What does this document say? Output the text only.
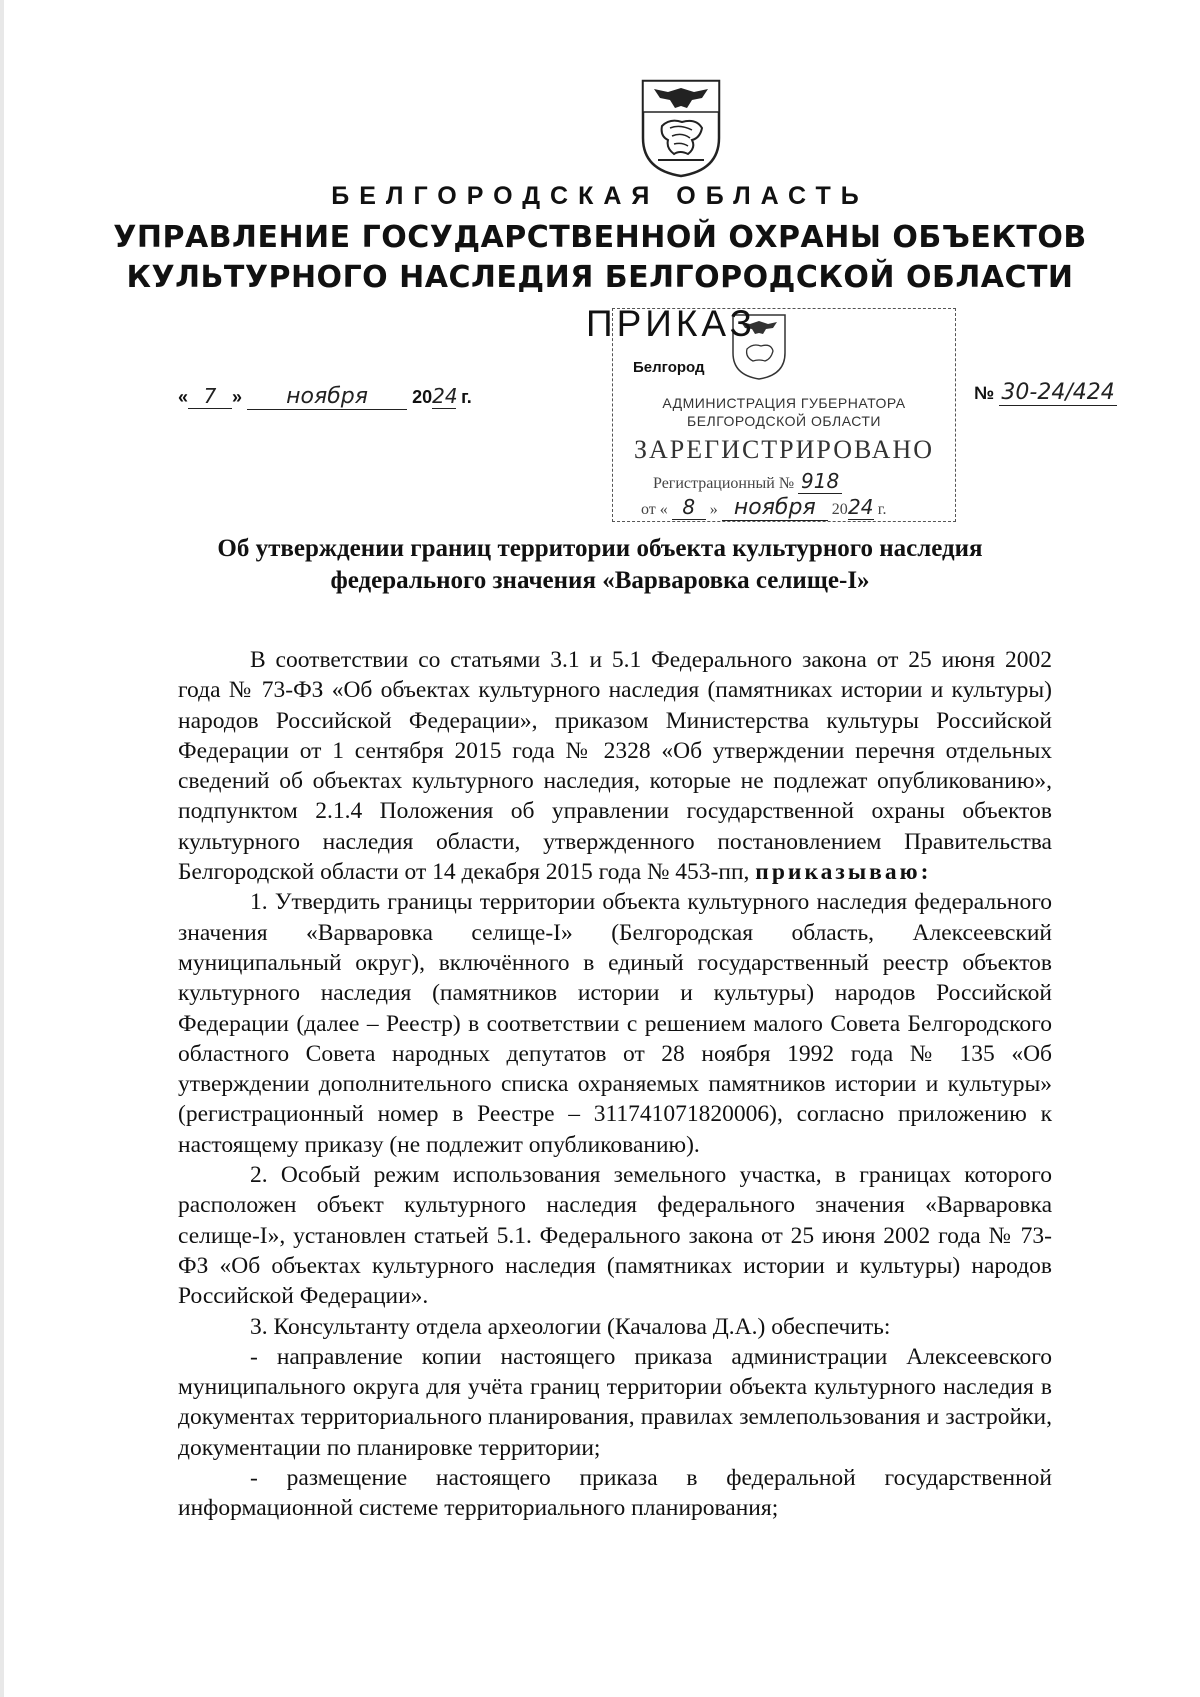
БЕЛГОРОДСКАЯ ОБЛАСТЬ
УПРАВЛЕНИЕ ГОСУДАРСТВЕННОЙ ОХРАНЫ ОБЪЕКТОВ
КУЛЬТУРНОГО НАСЛЕДИЯ БЕЛГОРОДСКОЙ ОБЛАСТИ
Белгород
АДМИНИСТРАЦИЯ ГУБЕРНАТОРА
БЕЛГОРОДСКОЙ ОБЛАСТИ
ЗАРЕГИСТРИРОВАНО
Регистрационный № 918
от « 8 » ноября 2024 г.
ПРИКАЗ
« 7 » ноября 2024 г.	№ 30-24/424
Об утверждении границ территории объекта культурного наследия
федерального значения «Варваровка селище-I»

В соответствии со статьями 3.1 и 5.1 Федерального закона от 25 июня 2002 года № 73-ФЗ «Об объектах культурного наследия (памятниках истории и культуры) народов Российской Федерации», приказом Министерства культуры Российской Федерации от 1 сентября 2015 года № 2328 «Об утверждении перечня отдельных сведений об объектах культурного наследия, которые не подлежат опубликованию», подпунктом 2.1.4 Положения об управлении государственной охраны объектов культурного наследия области, утвержденного постановлением Правительства Белгородской области от 14 декабря 2015 года № 453-пп, приказываю:

1. Утвердить границы территории объекта культурного наследия федерального значения «Варваровка селище-I» (Белгородская область, Алексеевский муниципальный округ), включённого в единый государственный реестр объектов культурного наследия (памятников истории и культуры) народов Российской Федерации (далее – Реестр) в соответствии с решением малого Совета Белгородского областного Совета народных депутатов от 28 ноября 1992 года № 135 «Об утверждении дополнительного списка охраняемых памятников истории и культуры» (регистрационный номер в Реестре – 311741071820006), согласно приложению к настоящему приказу (не подлежит опубликованию).

2. Особый режим использования земельного участка, в границах которого расположен объект культурного наследия федерального значения «Варваровка селище-I», установлен статьей 5.1. Федерального закона от 25 июня 2002 года № 73-ФЗ «Об объектах культурного наследия (памятниках истории и культуры) народов Российской Федерации».

3. Консультанту отдела археологии (Качалова Д.А.) обеспечить:

- направление копии настоящего приказа администрации Алексеевского муниципального округа для учёта границ территории объекта культурного наследия в документах территориального планирования, правилах землепользования и застройки, документации по планировке территории;

- размещение настоящего приказа в федеральной государственной информационной системе территориального планирования;
